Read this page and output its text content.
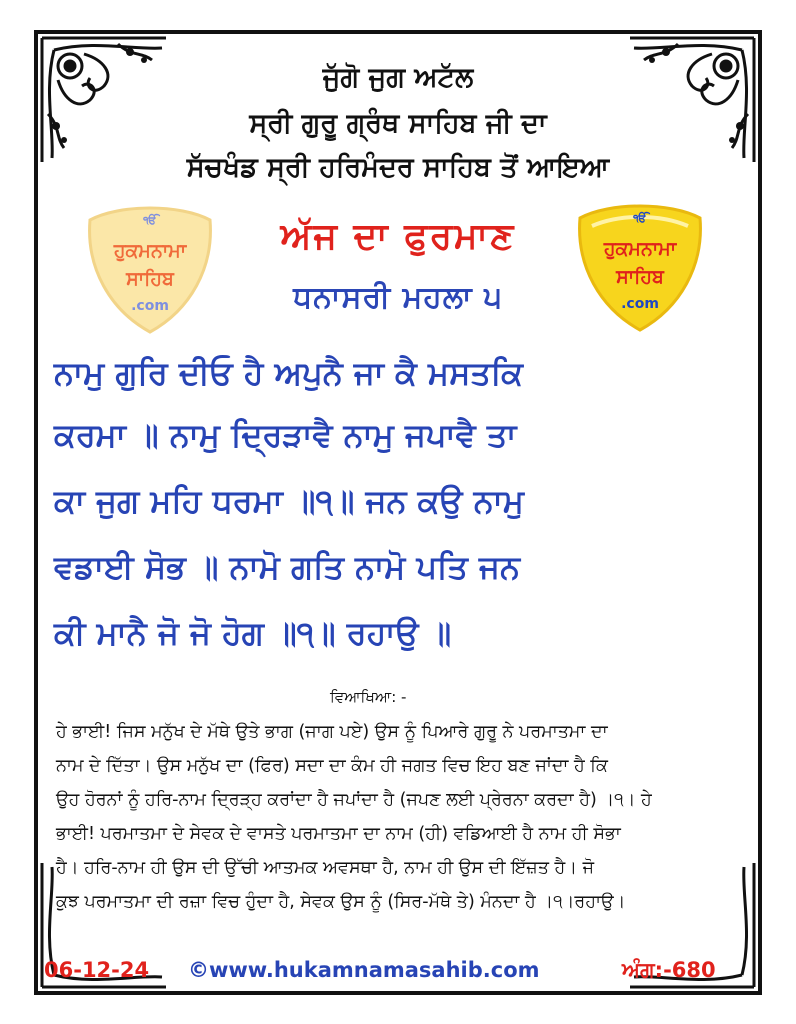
ਜੁੱਗੋ ਜੁਗ ਅਟੱਲ
ਸ੍ਰੀ ਗੁਰੂ ਗ੍ਰੰਥ ਸਾਹਿਬ ਜੀ ਦਾ
ਸੱਚਖੰਡ ਸ੍ਰੀ ਹਰਿਮੰਦਰ ਸਾਹਿਬ ਤੋਂ ਆਇਆ
ੴ
ਹੁਕਮਨਾਮਾ
ਸਾਹਿਬ
.com
ੴ
ਹੁਕਮਨਾਮਾ
ਸਾਹਿਬ
.com
ਅੱਜ ਦਾ ਫੁਰਮਾਣ
ਧਨਾਸਰੀ ਮਹਲਾ ੫
ਨਾਮੁ ਗੁਰਿ ਦੀਓ ਹੈ ਅਪੁਨੈ ਜਾ ਕੈ ਮਸਤਕਿ
ਕਰਮਾ ॥ ਨਾਮੁ ਦ੍ਰਿੜਾਵੈ ਨਾਮੁ ਜਪਾਵੈ ਤਾ
ਕਾ ਜੁਗ ਮਹਿ ਧਰਮਾ ॥੧॥ ਜਨ ਕਉ ਨਾਮੁ
ਵਡਾਈ ਸੋਭ ॥ ਨਾਮੋ ਗਤਿ ਨਾਮੋ ਪਤਿ ਜਨ
ਕੀ ਮਾਨੈ ਜੋ ਜੋ ਹੋਗ ॥੧॥ ਰਹਾਉ ॥
ਵਿਆਖਿਆ: -
ਹੇ ਭਾਈ! ਜਿਸ ਮਨੁੱਖ ਦੇ ਮੱਥੇ ਉਤੇ ਭਾਗ (ਜਾਗ ਪਏ) ਉਸ ਨੂੰ ਪਿਆਰੇ ਗੁਰੂ ਨੇ ਪਰਮਾਤਮਾ ਦਾ
ਨਾਮ ਦੇ ਦਿੱਤਾ। ਉਸ ਮਨੁੱਖ ਦਾ (ਫਿਰ) ਸਦਾ ਦਾ ਕੰਮ ਹੀ ਜਗਤ ਵਿਚ ਇਹ ਬਣ ਜਾਂਦਾ ਹੈ ਕਿ
ਉਹ ਹੋਰਨਾਂ ਨੂੰ ਹਰਿ-ਨਾਮ ਦ੍ਰਿੜ੍ਹ ਕਰਾਂਦਾ ਹੈ ਜਪਾਂਦਾ ਹੈ (ਜਪਣ ਲਈ ਪ੍ਰੇਰਨਾ ਕਰਦਾ ਹੈ) ।੧। ਹੇ
ਭਾਈ! ਪਰਮਾਤਮਾ ਦੇ ਸੇਵਕ ਦੇ ਵਾਸਤੇ ਪਰਮਾਤਮਾ ਦਾ ਨਾਮ (ਹੀ) ਵਡਿਆਈ ਹੈ ਨਾਮ ਹੀ ਸੋਭਾ
ਹੈ। ਹਰਿ-ਨਾਮ ਹੀ ਉਸ ਦੀ ਉੱਚੀ ਆਤਮਕ ਅਵਸਥਾ ਹੈ, ਨਾਮ ਹੀ ਉਸ ਦੀ ਇੱਜ਼ਤ ਹੈ। ਜੋ
ਕੁਝ ਪਰਮਾਤਮਾ ਦੀ ਰਜ਼ਾ ਵਿਚ ਹੁੰਦਾ ਹੈ, ਸੇਵਕ ਉਸ ਨੂੰ (ਸਿਰ-ਮੱਥੇ ਤੇ) ਮੰਨਦਾ ਹੈ ।੧।ਰਹਾਉ।
06-12-24 ©www.hukamnamasahib.com	ਅੰਗ:-680
